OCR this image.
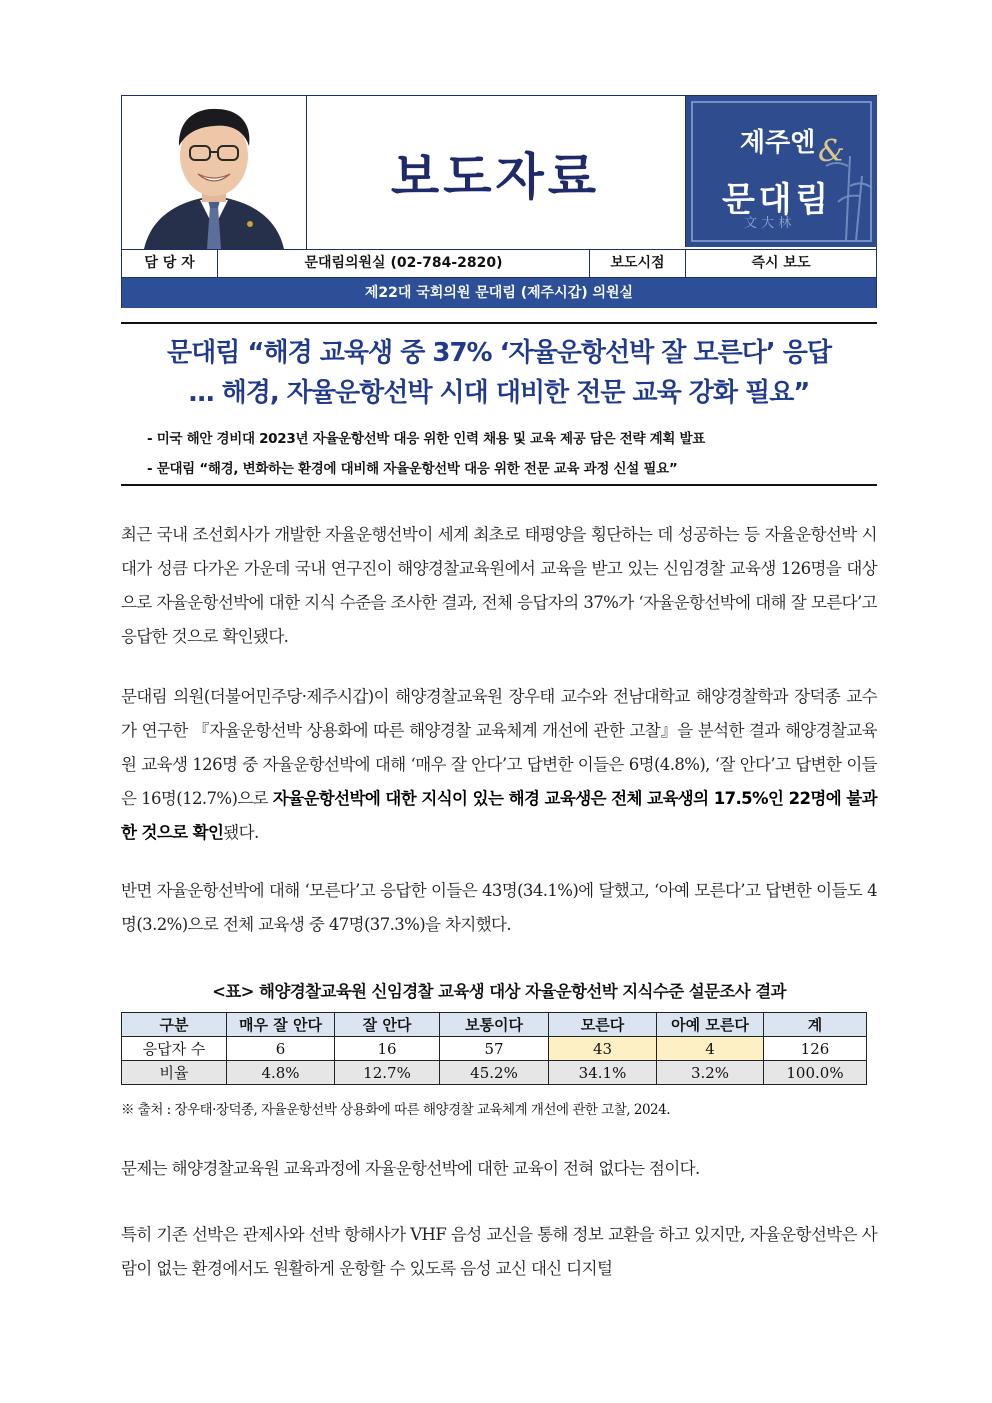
보도자료
제주엔 &
문 대 림
文 大 林
담 당 자	문대림의원실 (02-784-2820)	보도시점	즉시 보도
제22대 국회의원 문대림 (제주시갑) 의원실
문대림 “해경 교육생 중 37% ‘자율운항선박 잘 모른다’ 응답
… 해경, 자율운항선박 시대 대비한 전문 교육 강화 필요”
- 미국 해안 경비대 2023년 자율운항선박 대응 위한 인력 채용 및 교육 제공 담은 전략 계획 발표
- 문대림 “해경, 변화하는 환경에 대비해 자율운항선박 대응 위한 전문 교육 과정 신설 필요”
최근 국내 조선회사가 개발한 자율운행선박이 세계 최초로 태평양을 횡단하는 데 성공하는 등 자율운항선박 시대가 성큼 다가온 가운데 국내 연구진이 해양경찰교육원에서 교육을 받고 있는 신임경찰 교육생 126명을 대상으로 자율운항선박에 대한 지식 수준을 조사한 결과, 전체 응답자의 37%가 ‘자율운항선박에 대해 잘 모른다’고 응답한 것으로 확인됐다.
문대림 의원(더불어민주당·제주시갑)이 해양경찰교육원 장우태 교수와 전남대학교 해양경찰학과 장덕종 교수가 연구한 『자율운항선박 상용화에 따른 해양경찰 교육체계 개선에 관한 고찰』을 분석한 결과 해양경찰교육원 교육생 126명 중 자율운항선박에 대해 ‘매우 잘 안다’고 답변한 이들은 6명(4.8%), ‘잘 안다’고 답변한 이들은 16명(12.7%)으로 자율운항선박에 대한 지식이 있는 해경 교육생은 전체 교육생의 17.5%인 22명에 불과한 것으로 확인됐다.
반면 자율운항선박에 대해 ‘모른다’고 응답한 이들은 43명(34.1%)에 달했고, ‘아예 모른다’고 답변한 이들도 4명(3.2%)으로 전체 교육생 중 47명(37.3%)을 차지했다.
<표> 해양경찰교육원 신임경찰 교육생 대상 자율운항선박 지식수준 설문조사 결과
구분	매우 잘 안다	잘 안다	보통이다	모른다	아예 모른다	계
응답자 수	6	16	57	43	4	126
비율	4.8%	12.7%	45.2%	34.1%	3.2%	100.0%
※ 출처 : 장우태·장덕종, 자율운항선박 상용화에 따른 해양경찰 교육체계 개선에 관한 고찰, 2024.
문제는 해양경찰교육원 교육과정에 자율운항선박에 대한 교육이 전혀 없다는 점이다.
특히 기존 선박은 관제사와 선박 항해사가 VHF 음성 교신을 통해 정보 교환을 하고 있지만, 자율운항선박은 사람이 없는 환경에서도 원활하게 운항할 수 있도록 음성 교신 대신 디지털
